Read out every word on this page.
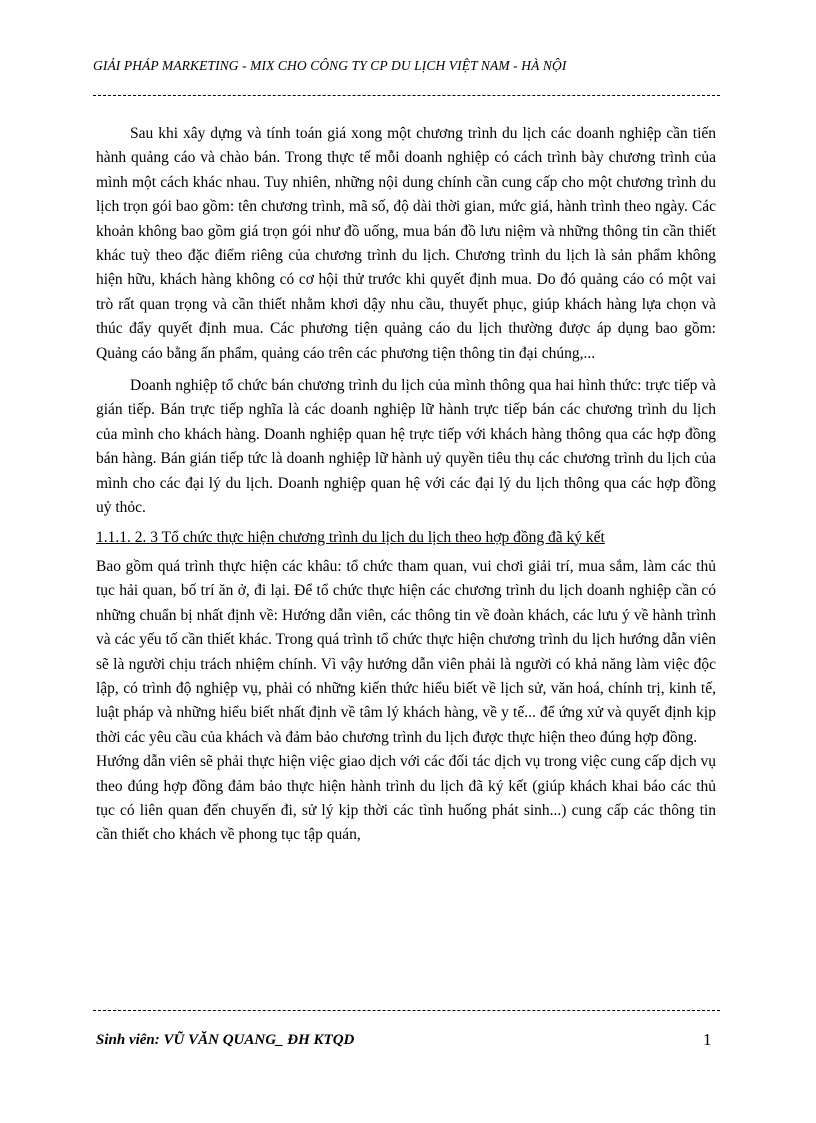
GIẢI PHÁP MARKETING - MIX CHO CÔNG TY CP DU LỊCH VIỆT NAM - HÀ NỘI

Sau khi xây dựng và tính toán giá xong một chương trình du lịch các doanh nghiệp cần tiến hành quảng cáo và chào bán. Trong thực tế mỗi doanh nghiệp có cách trình bày chương trình của mình một cách khác nhau. Tuy nhiên, những nội dung chính cần cung cấp cho một chương trình du lịch trọn gói bao gồm: tên chương trình, mã số, độ dài thời gian, mức giá, hành trình theo ngày. Các khoản không bao gồm giá trọn gói như đồ uống, mua bán đồ lưu niệm và những thông tin cần thiết khác tuỳ theo đặc điểm riêng của chương trình du lịch. Chương trình du lịch là sản phẩm không hiện hữu, khách hàng không có cơ hội thử trước khi quyết định mua. Do đó quảng cáo có một vai trò rất quan trọng và cần thiết nhằm khơi dậy nhu cầu, thuyết phục, giúp khách hàng lựa chọn và thúc đẩy quyết định mua. Các phương tiện quảng cáo du lịch thường được áp dụng bao gồm: Quảng cáo bằng ấn phẩm, quảng cáo trên các phương tiện thông tin đại chúng,...

Doanh nghiệp tổ chức bán chương trình du lịch của mình thông qua hai hình thức: trực tiếp và gián tiếp. Bán trực tiếp nghĩa là các doanh nghiệp lữ hành trực tiếp bán các chương trình du lịch của mình cho khách hàng. Doanh nghiệp quan hệ trực tiếp với khách hàng thông qua các hợp đồng bán hàng. Bán gián tiếp tức là doanh nghiệp lữ hành uỷ quyền tiêu thụ các chương trình du lịch của mình cho các đại lý du lịch. Doanh nghiệp quan hệ với các đại lý du lịch thông qua các hợp đồng uỷ thỏc.

1.1.1. 2. 3 Tổ chức thực hiện chương trình du lịch du lịch theo hợp đồng đã ký kết

Bao gồm quá trình thực hiện các khâu: tổ chức tham quan, vui chơi giải trí, mua sắm, làm các thủ tục hải quan, bố trí ăn ở, đi lại. Để tổ chức thực hiện các chương trình du lịch doanh nghiệp cần có những chuẩn bị nhất định về: Hướng dẫn viên, các thông tin về đoàn khách, các lưu ý về hành trình và các yếu tố cần thiết khác. Trong quá trình tổ chức thực hiện chương trình du lịch hướng dẫn viên sẽ là người chịu trách nhiệm chính. Vì vậy hướng dẫn viên phải là người có khả năng làm việc độc lập, có trình độ nghiệp vụ, phải có những kiến thức hiểu biết về lịch sử, văn hoá, chính trị, kinh tế, luật pháp và những hiểu biết nhất định về tâm lý khách hàng, về y tế... để ứng xử và quyết định kịp thời các yêu cầu của khách và đảm bảo chương trình du lịch được thực hiện theo đúng hợp đồng.

Hướng dẫn viên sẽ phải thực hiện việc giao dịch với các đối tác dịch vụ trong việc cung cấp dịch vụ theo đúng hợp đồng đảm bảo thực hiện hành trình du lịch đã ký kết (giúp khách khai báo các thủ tục có liên quan đến chuyến đi, sử lý kịp thời các tình huống phát sinh...) cung cấp các thông tin cần thiết cho khách về phong tục tập quán,

Sinh viên: VŨ VĂN QUANG_ ĐH KTQD	1
